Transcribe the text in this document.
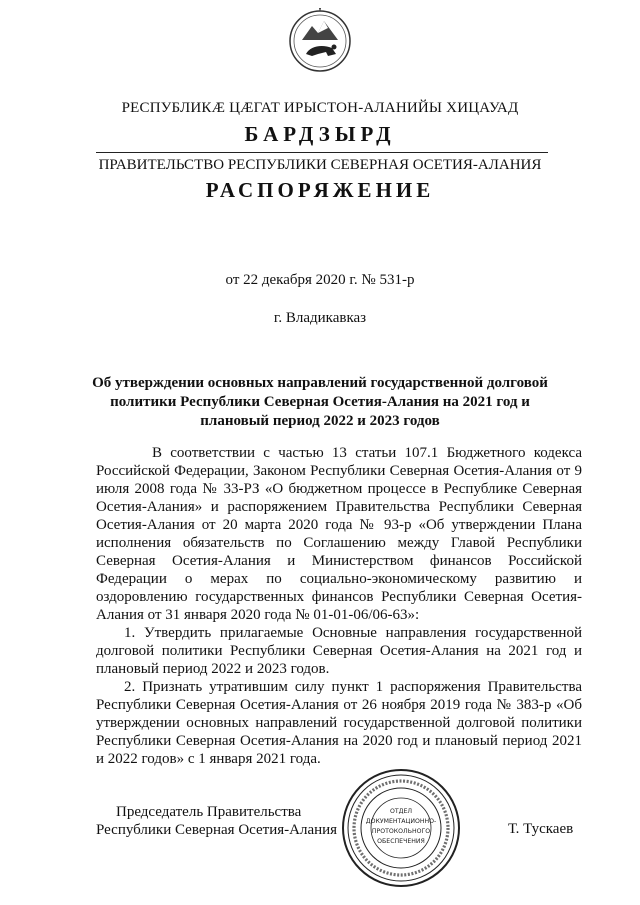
РЕСПУБЛИКӔ ЦӔГАТ ИРЫСТОН-АЛАНИЙЫ ХИЦАУАД
БАРДЗЫРД
ПРАВИТЕЛЬСТВО РЕСПУБЛИКИ СЕВЕРНАЯ ОСЕТИЯ-АЛАНИЯ
РАСПОРЯЖЕНИЕ
от 22 декабря 2020 г. № 531-р
г. Владикавказ
Об утверждении основных направлений государственной долговой
политики Республики Северная Осетия-Алания на 2021 год и
плановый период 2022 и 2023 годов

В соответствии с частью 13 статьи 107.1 Бюджетного кодекса Российской Федерации, Законом Республики Северная Осетия-Алания от 9 июля 2008 года № 33-РЗ «О бюджетном процессе в Республике Северная Осетия-Алания» и распоряжением Правительства Республики Северная Осетия-Алания от 20 марта 2020 года № 93-р «Об утверждении Плана исполнения обязательств по Соглашению между Главой Республики Северная Осетия-Алания и Министерством финансов Российской Федерации о мерах по социально-экономическому развитию и оздоровлению государственных финансов Республики Северная Осетия-Алания от 31 января 2020 года № 01-01-06/06-63»:

1. Утвердить прилагаемые Основные направления государственной долговой политики Республики Северная Осетия-Алания на 2021 год и плановый период 2022 и 2023 годов.

2. Признать утратившим силу пункт 1 распоряжения Правительства Республики Северная Осетия-Алания от 26 ноября 2019 года № 383-р «Об утверждении основных направлений государственной долговой политики Республики Северная Осетия-Алания на 2020 год и плановый период 2021 и 2022 годов» с 1 января 2021 года.

Председатель Правительства
Республики Северная Осетия-Алания
ОТДЕЛ
ДОКУМЕНТАЦИОННО-
ПРОТОКОЛЬНОГО
ОБЕСПЕЧЕНИЯ
Т. Тускаев
